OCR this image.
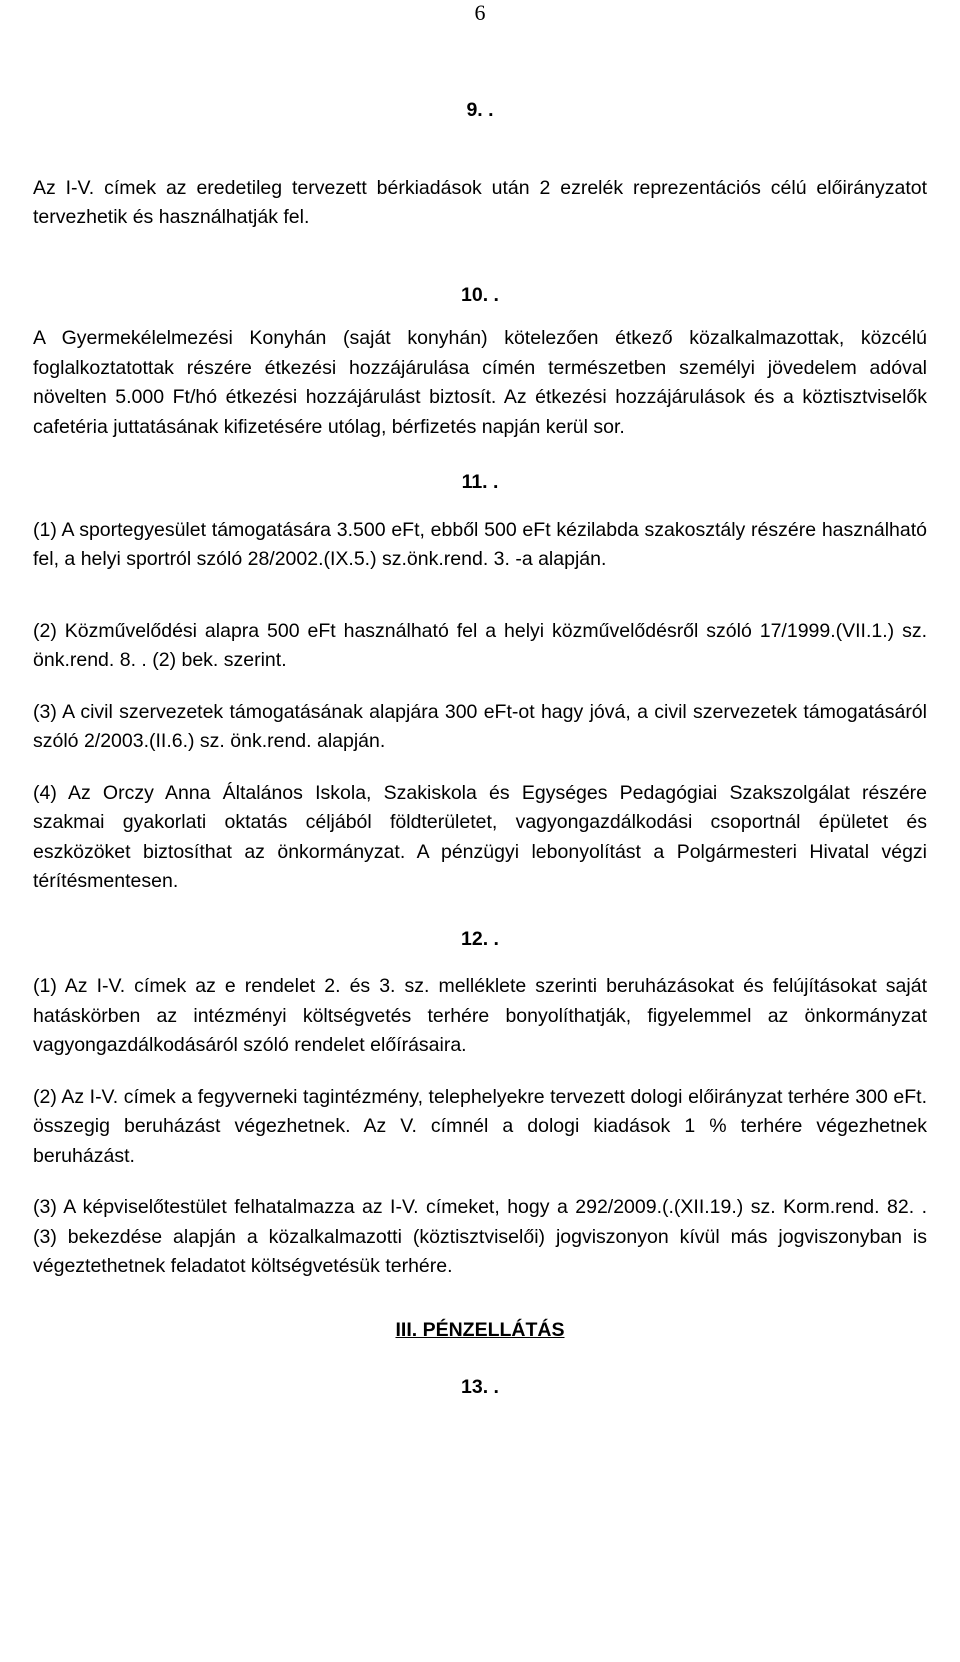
6
9. .

Az I-V. címek az eredetileg tervezett bérkiadások után 2 ezrelék reprezentációs célú előirányzatot tervezhetik és használhatják fel.

10. .

A Gyermekélelmezési Konyhán (saját konyhán) kötelezően étkező közalkalmazottak, közcélú foglalkoztatottak részére étkezési hozzájárulása címén természetben személyi jövedelem adóval növelten 5.000 Ft/hó étkezési hozzájárulást biztosít. Az étkezési hozzájárulások és a köztisztviselők cafetéria juttatásának kifizetésére utólag, bérfizetés napján kerül sor.

11. .

(1) A sportegyesület támogatására 3.500 eFt, ebből 500 eFt kézilabda szakosztály részére használható fel, a helyi sportról szóló 28/2002.(IX.5.) sz.önk.rend. 3. -a alapján.

(2) Közművelődési alapra 500 eFt használható fel a helyi közművelődésről szóló 17/1999.(VII.1.) sz. önk.rend. 8. . (2) bek. szerint.

(3) A civil szervezetek támogatásának alapjára 300 eFt-ot hagy jóvá, a civil szervezetek támogatásáról szóló 2/2003.(II.6.) sz. önk.rend. alapján.

(4) Az Orczy Anna Általános Iskola, Szakiskola és Egységes Pedagógiai Szakszolgálat részére szakmai gyakorlati oktatás céljából földterületet, vagyongazdálkodási csoportnál épületet és eszközöket biztosíthat az önkormányzat. A pénzügyi lebonyolítást a Polgármesteri Hivatal végzi térítésmentesen.

12. .

(1) Az I-V. címek az e rendelet 2. és 3. sz. melléklete szerinti beruházásokat és felújításokat saját hatáskörben az intézményi költségvetés terhére bonyolíthatják, figyelemmel az önkormányzat vagyongazdálkodásáról szóló rendelet előírásaira.

(2) Az I-V. címek a fegyverneki tagintézmény, telephelyekre tervezett dologi előirányzat terhére 300 eFt. összegig beruházást végezhetnek. Az V. címnél a dologi kiadások 1 % terhére végezhetnek beruházást.

(3) A képviselőtestület felhatalmazza az I-V. címeket, hogy a 292/2009.(.(XII.19.) sz. Korm.rend. 82. . (3) bekezdése alapján a közalkalmazotti (köztisztviselői) jogviszonyon kívül más jogviszonyban is végeztethetnek feladatot költségvetésük terhére.

III. PÉNZELLÁTÁS
13. .
